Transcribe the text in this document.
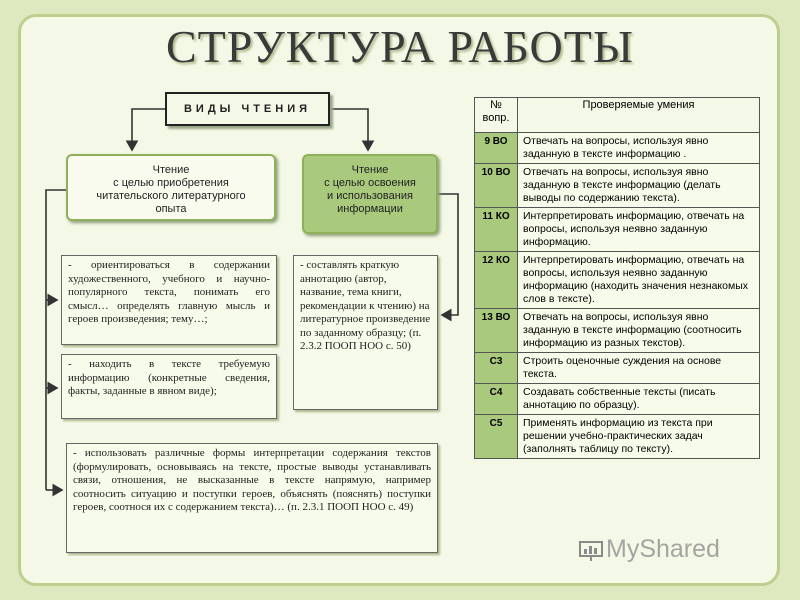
СТРУКТУРА РАБОТЫ
ВИДЫ ЧТЕНИЯ
Чтение
с целью приобретения
читательского литературного
опыта
Чтение
с целью освоения
и использования
информации
- ориентироваться в содержании художественного, учебного и научно-популярного текста, понимать его смысл… определять главную мысль и героев произведения; тему…;
- находить в тексте требуемую информацию (конкретные сведения, факты, заданные в явном виде);
- использовать различные формы интерпретации содержания текстов (формулировать, основываясь на тексте, простые выводы устанавливать связи, отношения, не высказанные в тексте напрямую, например соотносить ситуацию и поступки героев, объяснять (пояснять) поступки героев, соотнося их с содержанием текста)… (п. 2.3.1 ПООП НОО с. 49)
- составлять краткую аннотацию (автор, название, тема книги, рекомендации к чтению) на литературное произведение по заданному образцу; (п. 2.3.2 ПООП НОО с. 50)
№ вопр.	Проверяемые умения
9 ВО	Отвечать на вопросы, используя явно заданную в тексте информацию .
10 ВО	Отвечать на вопросы, используя явно заданную в тексте информацию (делать выводы по содержанию текста).
11 КО	Интерпретировать информацию, отвечать на вопросы, используя неявно заданную информацию.
12 КО	Интерпретировать информацию, отвечать на вопросы, используя неявно заданную информацию (находить значения незнакомых слов в тексте).
13 ВО	Отвечать на вопросы, используя явно заданную в тексте информацию (соотносить информацию из разных текстов).
С3	Строить оценочные суждения на основе текста.
С4	Создавать собственные тексты (писать аннотацию по образцу).
С5	Применять информацию из текста при решении учебно-практических задач (заполнять таблицу по тексту).
MyShared
